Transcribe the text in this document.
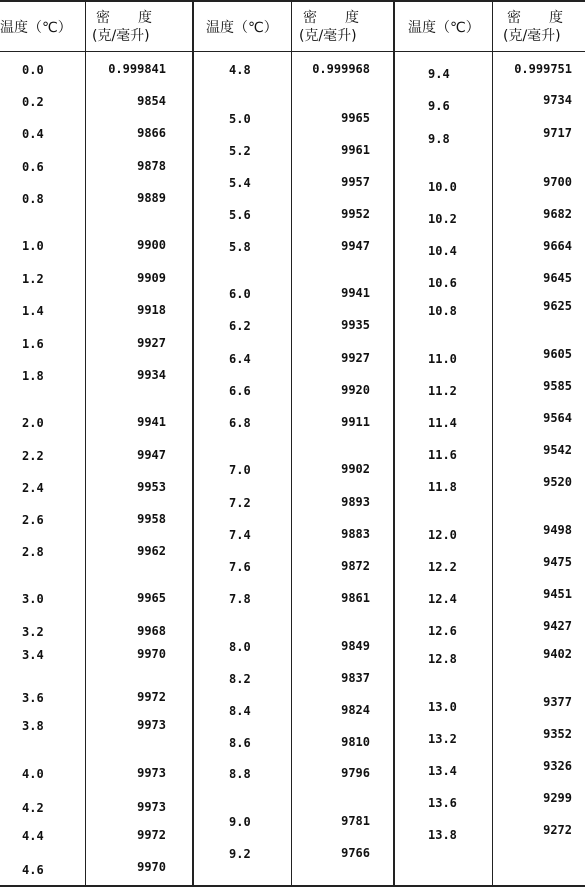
温度（℃）
密　　度
(克/毫升)	温度（℃）
密　　度
(克/毫升)	温度（℃）
密　　度
(克/毫升)
0.0	0.999841
0.2	9854
0.4	9866
0.6	9878
0.8	9889
1.0	9900
1.2	9909
1.4	9918
1.6	9927
1.8	9934
2.0	9941
2.2	9947
2.4	9953
2.6	9958
2.8	9962
3.0	9965
3.2	9968
3.4	9970
3.6	9972
3.8	9973
4.0	9973
4.2	9973
4.4	9972
4.6	9970
4.8	0.999968
5.0	9965
5.2	9961
5.4	9957
5.6	9952
5.8	9947
6.0	9941
6.2	9935
6.4	9927
6.6	9920
6.8	9911
7.0	9902
7.2	9893
7.4	9883
7.6	9872
7.8	9861
8.0	9849
8.2	9837
8.4	9824
8.6	9810
8.8	9796
9.0	9781
9.2	9766
9.4	0.999751
9.6	9734
9.8	9717
10.0	9700
10.2	9682
10.4	9664
10.6	9645
10.8	9625
11.0	9605
11.2	9585
11.4	9564
11.6	9542
11.8	9520
12.0	9498
12.2	9475
12.4	9451
12.6	9427
12.8	9402
13.0	9377
13.2	9352
13.4	9326
13.6	9299
13.8	9272
